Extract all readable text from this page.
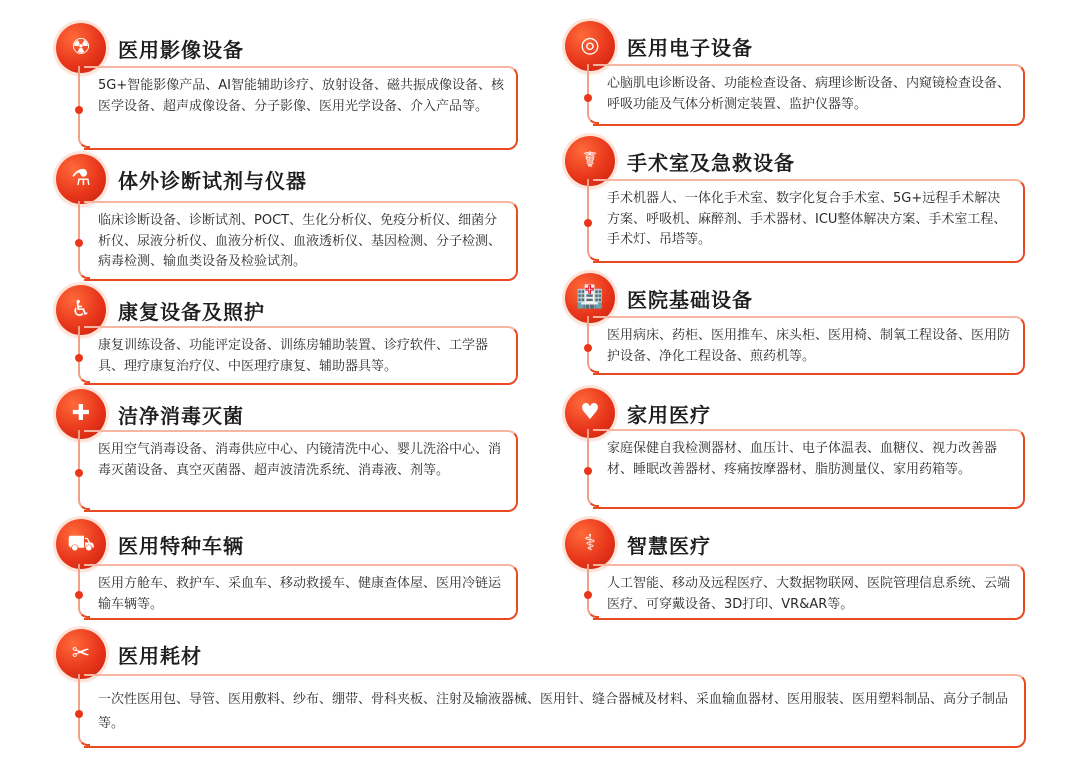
☢	医用影像设备
5G+智能影像产品、AI智能辅助诊疗、放射设备、磁共振成像设备、核医学设备、超声成像设备、分子影像、医用光学设备、介入产品等。
⚗	体外诊断试剂与仪器
临床诊断设备、诊断试剂、POCT、生化分析仪、免疫分析仪、细菌分析仪、尿液分析仪、血液分析仪、血液透析仪、基因检测、分子检测、病毒检测、输血类设备及检验试剂。
♿	康复设备及照护
康复训练设备、功能评定设备、训练房辅助装置、诊疗软件、工学器具、理疗康复治疗仪、中医理疗康复、辅助器具等。
✚	洁净消毒灭菌
医用空气消毒设备、消毒供应中心、内镜清洗中心、婴儿洗浴中心、消毒灭菌设备、真空灭菌器、超声波清洗系统、消毒液、剂等。
⛟	医用特种车辆
医用方舱车、救护车、采血车、移动救援车、健康查体屋、医用冷链运输车辆等。
◎	医用电子设备
心脑肌电诊断设备、功能检查设备、病理诊断设备、内窥镜检查设备、呼吸功能及气体分析测定装置、监护仪器等。
☤	手术室及急救设备
手术机器人、一体化手术室、数字化复合手术室、5G+远程手术解决方案、呼吸机、麻醉剂、手术器材、ICU整体解决方案、手术室工程、手术灯、吊塔等。
🏥	医院基础设备
医用病床、药柜、医用推车、床头柜、医用椅、制氧工程设备、医用防护设备、净化工程设备、煎药机等。
♥	家用医疗
家庭保健自我检测器材、血压计、电子体温表、血糖仪、视力改善器材、睡眠改善器材、疼痛按摩器材、脂肪测量仪、家用药箱等。
⚕	智慧医疗
人工智能、移动及远程医疗、大数据物联网、医院管理信息系统、云端医疗、可穿戴设备、3D打印、VR&AR等。
✂	医用耗材
一次性医用包、导管、医用敷料、纱布、绷带、骨科夹板、注射及输液器械、医用针、缝合器械及材料、采血输血器材、医用服装、医用塑料制品、高分子制品等。
